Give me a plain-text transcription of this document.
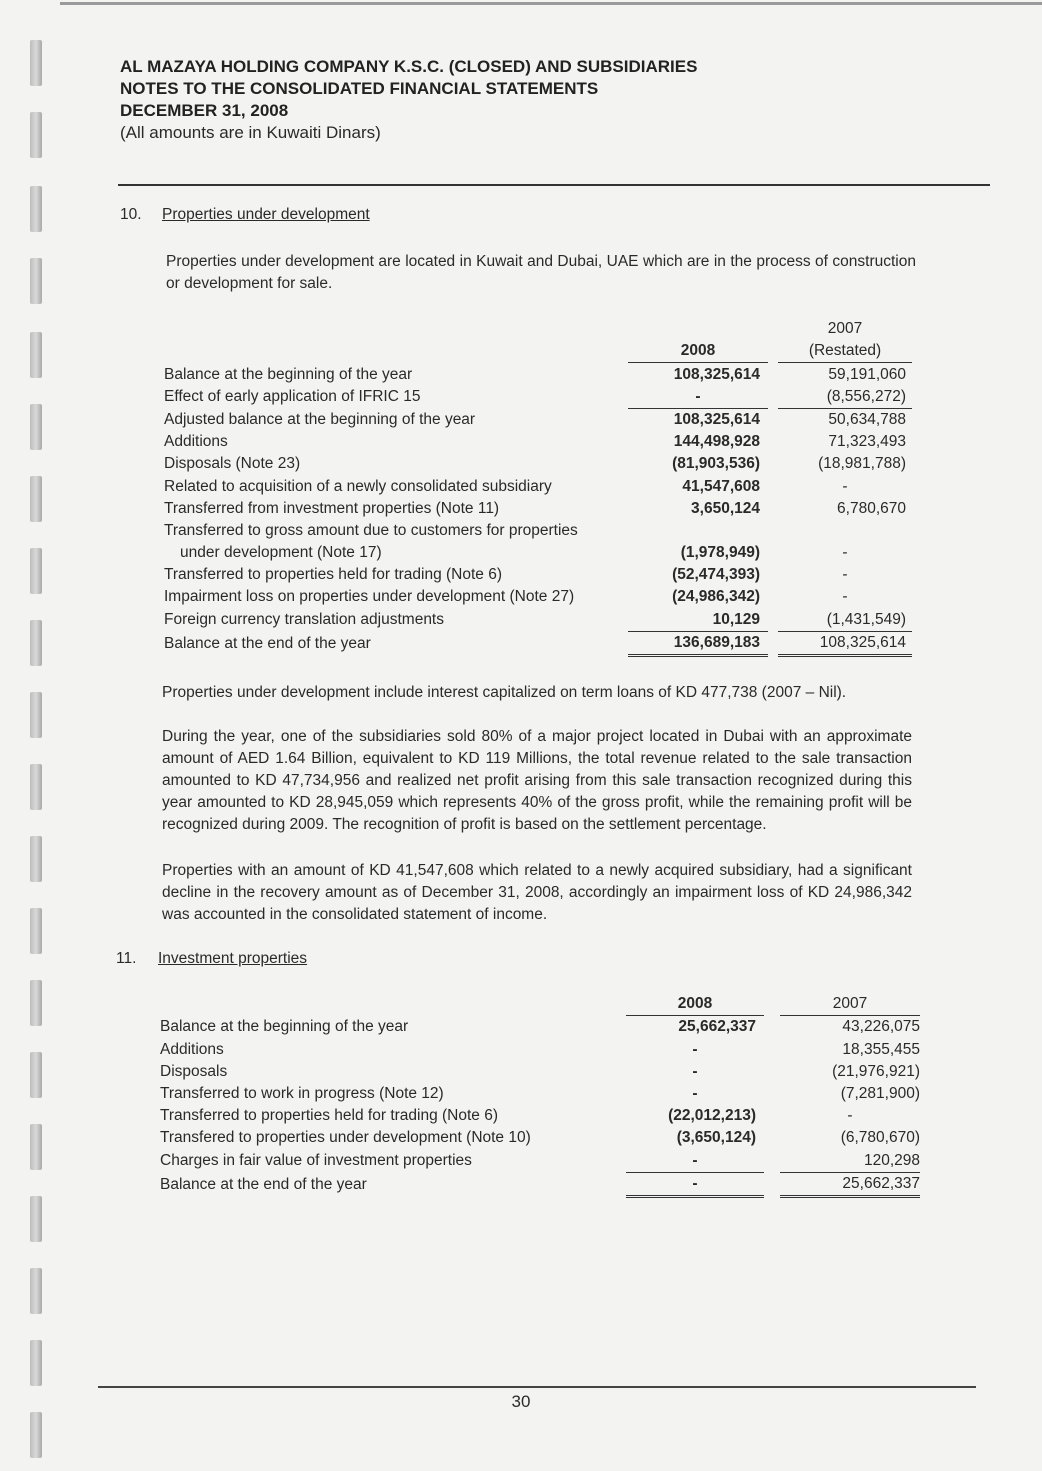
AL MAZAYA HOLDING COMPANY K.S.C. (CLOSED) AND SUBSIDIARIES
NOTES TO THE CONSOLIDATED FINANCIAL STATEMENTS
DECEMBER 31, 2008
(All amounts are in Kuwaiti Dinars)
10. Properties under development
Properties under development are located in Kuwait and Dubai, UAE which are in the process of construction or development for sale.
			2007
	2008		(Restated)
Balance at the beginning of the year	108,325,614		59,191,060
Effect of early application of IFRIC 15	-		(8,556,272)
Adjusted balance at the beginning of the year	108,325,614		50,634,788
Additions	144,498,928		71,323,493
Disposals (Note 23)	(81,903,536)		(18,981,788)
Related to acquisition of a newly consolidated subsidiary	41,547,608		-
Transferred from investment properties (Note 11)	3,650,124		6,780,670
Transferred to gross amount due to customers for properties			
under development (Note 17)	(1,978,949)		-
Transferred to properties held for trading (Note 6)	(52,474,393)		-
Impairment loss on properties under development (Note 27)	(24,986,342)		-
Foreign currency translation adjustments	10,129		(1,431,549)
Balance at the end of the year	136,689,183		108,325,614
Properties under development include interest capitalized on term loans of KD 477,738 (2007 – Nil).
During the year, one of the subsidiaries sold 80% of a major project located in Dubai with an approximate amount of AED 1.64 Billion, equivalent to KD 119 Millions, the total revenue related to the sale transaction amounted to KD 47,734,956 and realized net profit arising from this sale transaction recognized during this year amounted to KD 28,945,059 which represents 40% of the gross profit, while the remaining profit will be recognized during 2009. The recognition of profit is based on the settlement percentage.
Properties with an amount of KD 41,547,608 which related to a newly acquired subsidiary, had a significant decline in the recovery amount as of December 31, 2008, accordingly an impairment loss of KD 24,986,342 was accounted in the consolidated statement of income.
11. Investment properties
	2008		2007
Balance at the beginning of the year	25,662,337		43,226,075
Additions	-		18,355,455
Disposals	-		(21,976,921)
Transferred to work in progress (Note 12)	-		(7,281,900)
Transferred to properties held for trading (Note 6)	(22,012,213)		-
Transfered to properties under development (Note 10)	(3,650,124)		(6,780,670)
Charges in fair value of investment properties	-		120,298
Balance at the end of the year	-		25,662,337
30
